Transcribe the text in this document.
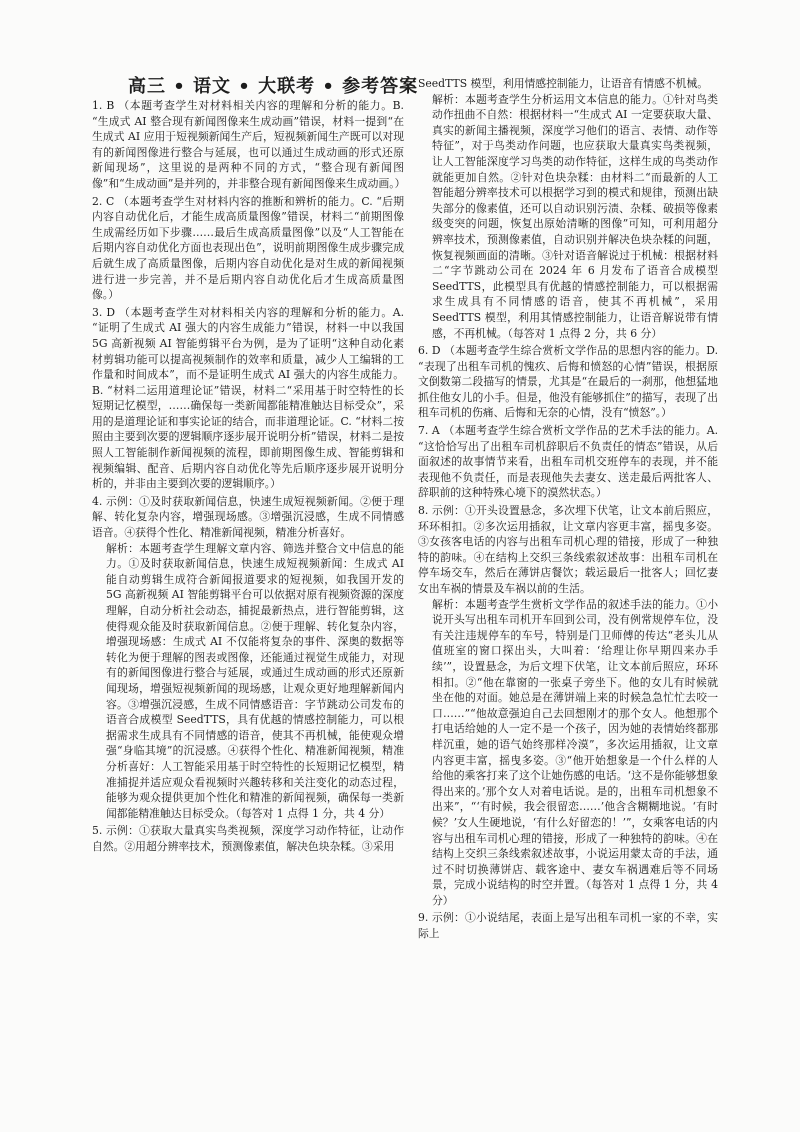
高三 • 语文 • 大联考 • 参考答案
1. B （本题考查学生对材料相关内容的理解和分析的能力。B. “生成式 AI 整合现有新闻图像来生成动画”错误，材料一提到“在生成式 AI 应用于短视频新闻生产后，短视频新闻生产既可以对现有的新闻图像进行整合与延展，也可以通过生成动画的形式还原新闻现场”，这里说的是两种不同的方式，“整合现有新闻图像”和“生成动画”是并列的，并非整合现有新闻图像来生成动画。）
2. C （本题考查学生对材料内容的推断和辨析的能力。C. “后期内容自动优化后，才能生成高质量图像”错误，材料二“前期图像生成需经历如下步骤……最后生成高质量图像”以及“人工智能在后期内容自动优化方面也表现出色”，说明前期图像生成步骤完成后就生成了高质量图像，后期内容自动优化是对生成的新闻视频进行进一步完善，并不是后期内容自动优化后才生成高质量图像。）
3. D （本题考查学生对材料相关内容的理解和分析的能力。A. “证明了生成式 AI 强大的内容生成能力”错误，材料一中以我国 5G 高新视频 AI 智能剪辑平台为例，是为了证明“这种自动化素材剪辑功能可以提高视频制作的效率和质量，减少人工编辑的工作量和时间成本”，而不是证明生成式 AI 强大的内容生成能力。B. “材料二运用道理论证”错误，材料二“采用基于时空特性的长短期记忆模型，……确保每一类新闻都能精准触达目标受众”，采用的是道理论证和事实论证的结合，而非道理论证。C. “材料二按照由主要到次要的逻辑顺序逐步展开说明分析”错误，材料二是按照人工智能制作新闻视频的流程，即前期图像生成、智能剪辑和视频编辑、配音、后期内容自动优化等先后顺序逐步展开说明分析的，并非由主要到次要的逻辑顺序。）
4. 示例：①及时获取新闻信息，快速生成短视频新闻。②便于理解、转化复杂内容，增强现场感。③增强沉浸感，生成不同情感语音。④获得个性化、精准新闻视频，精准分析喜好。
解析：本题考查学生理解文章内容、筛选并整合文中信息的能力。①及时获取新闻信息，快速生成短视频新闻：生成式 AI 能自动剪辑生成符合新闻报道要求的短视频，如我国开发的 5G 高新视频 AI 智能剪辑平台可以依据对原有视频资源的深度理解，自动分析社会动态，捕捉最新热点，进行智能剪辑，这使得观众能及时获取新闻信息。②便于理解、转化复杂内容，增强现场感：生成式 AI 不仅能将复杂的事件、深奥的数据等转化为便于理解的图表或图像，还能通过视觉生成能力，对现有的新闻图像进行整合与延展，或通过生成动画的形式还原新闻现场，增强短视频新闻的现场感，让观众更好地理解新闻内容。③增强沉浸感，生成不同情感语音：字节跳动公司发布的语音合成模型 SeedTTS，具有优越的情感控制能力，可以根据需求生成具有不同情感的语音，使其不再机械，能使观众增强“身临其境”的沉浸感。④获得个性化、精准新闻视频，精准分析喜好：人工智能采用基于时空特性的长短期记忆模型，精准捕捉并适应观众看视频时兴趣转移和关注变化的动态过程，能够为观众提供更加个性化和精准的新闻视频，确保每一类新闻都能精准触达目标受众。（每答对 1 点得 1 分，共 4 分）
5. 示例：①获取大量真实鸟类视频，深度学习动作特征，让动作自然。②用超分辨率技术，预测像素值，解决色块杂糅。③采用
SeedTTS 模型，利用情感控制能力，让语音有情感不机械。
解析：本题考查学生分析运用文本信息的能力。①针对鸟类动作扭曲不自然：根据材料一“生成式 AI 一定要获取大量、真实的新闻主播视频，深度学习他们的语言、表情、动作等特征”，对于鸟类动作问题，也应获取大量真实鸟类视频，让人工智能深度学习鸟类的动作特征，这样生成的鸟类动作就能更加自然。②针对色块杂糅：由材料二“而最新的人工智能超分辨率技术可以根据学习到的模式和规律，预测出缺失部分的像素值，还可以自动识别污渍、杂糅、破损等像素级变突的问题，恢复出原始清晰的图像”可知，可利用超分辨率技术，预测像素值，自动识别并解决色块杂糅的问题，恢复视频画面的清晰。③针对语音解说过于机械：根据材料二“字节跳动公司在 2024 年 6 月发布了语音合成模型 SeedTTS，此模型具有优越的情感控制能力，可以根据需求生成具有不同情感的语音，使其不再机械”，采用 SeedTTS 模型，利用其情感控制能力，让语音解说带有情感，不再机械。（每答对 1 点得 2 分，共 6 分）
6. D （本题考查学生综合赏析文学作品的思想内容的能力。D. “表现了出租车司机的愧疚、后悔和愤怒的心情”错误，根据原文倒数第二段描写的情景，尤其是“在最后的一刹那，他想猛地抓住他女儿的小手。但是，他没有能够抓住”的描写，表现了出租车司机的伤痛、后悔和无奈的心情，没有“愤怒”。）
7. A （本题考查学生综合赏析文学作品的艺术手法的能力。A. “这恰恰写出了出租车司机辞职后不负责任的情态”错误，从后面叙述的故事情节来看，出租车司机交班停车的表现，并不能表现他不负责任，而是表现他失去妻女、送走最后两批客人、辞职前的这种特殊心境下的漠然状态。）
8. 示例：①开头设置悬念，多次埋下伏笔，让文本前后照应，环环相扣。②多次运用插叙，让文章内容更丰富，摇曳多姿。③女孩客电话的内容与出租车司机心理的错接，形成了一种独特的韵味。④在结构上交织三条线索叙述故事：出租车司机在停车场交车，然后在薄饼店餐饮；载运最后一批客人；回忆妻女出车祸的情景及车祸以前的生活。
解析：本题考查学生赏析文学作品的叙述手法的能力。①小说开头写出租车司机开车回到公司，没有例常规停车位，没有关注违规停车的车号，特别是门卫师傅的传达“老头儿从值班室的窗口探出头，大叫着：‘给理让你早期四来办手续’”，设置悬念，为后文埋下伏笔，让文本前后照应，环环相扣。②“他在靠窗的一张桌子旁坐下。他的女儿有时候就坐在他的对面。她总是在薄饼端上来的时候急急忙忙去咬一口……”“他故意强迫自己去回想刚才的那个女人。他想那个打电话给她的人一定不是一个孩子，因为她的表情始终都那样沉重，她的语气始终那样冷漠”，多次运用插叙，让文章内容更丰富，摇曳多姿。③“他开始想象是一个什么样的人给他的乘客打来了这个让她伤感的电话。‘这不是你能够想象得出来的。’那个女人对着电话说。是的，出租车司机想象不出来”，“‘有时候，我会很留恋……’他含含糊糊地说。‘有时候？’女人生硬地说，‘有什么好留恋的！’”，女乘客电话的内容与出租车司机心理的错接，形成了一种独特的韵味。④在结构上交织三条线索叙述故事，小说运用蒙太奇的手法，通过不时切换薄饼店、载客途中、妻女车祸遇难后等不同场景，完成小说结构的时空并置。（每答对 1 点得 1 分，共 4 分）
9. 示例：①小说结尾，表面上是写出租车司机一家的不幸，实际上
